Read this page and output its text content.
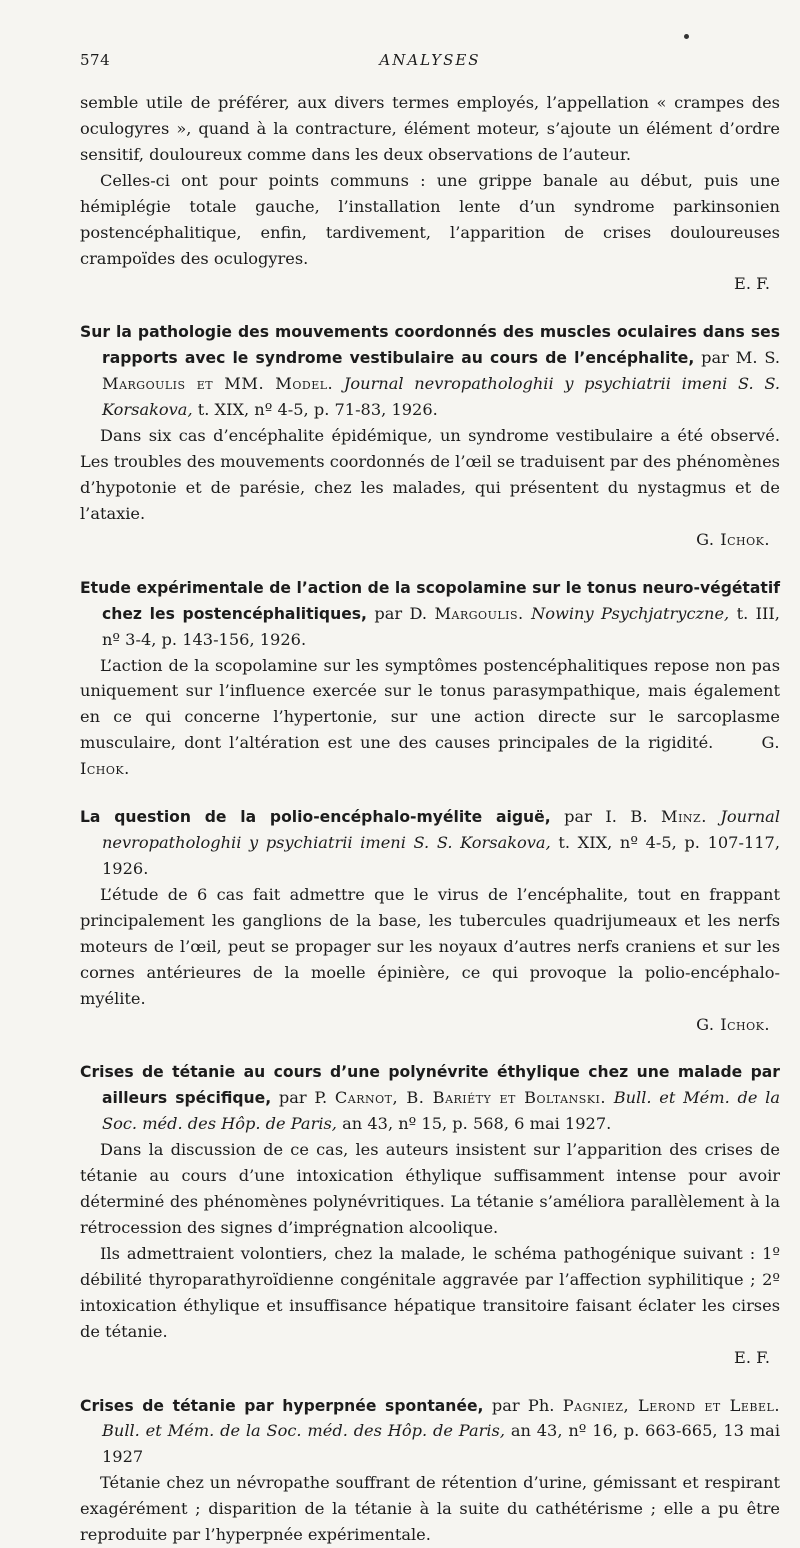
574	ANALYSES

semble utile de préférer, aux divers termes employés, l’appellation « crampes des oculogyres », quand à la contracture, élément moteur, s’ajoute un élément d’ordre sensitif, douloureux comme dans les deux observations de l’auteur.

Celles-ci ont pour points communs : une grippe banale au début, puis une hémiplégie totale gauche, l’installation lente d’un syndrome parkinsonien postencéphalitique, enfin, tardivement, l’apparition de crises douloureuses crampoïdes des oculogyres.

E. F.

Sur la pathologie des mouvements coordonnés des muscles oculaires dans ses rapports avec le syndrome vestibulaire au cours de l’encéphalite, par M. S. Margoulis et MM. Model. Journal nevropathologhii y psychiatrii imeni S. S. Korsakova, t. XIX, nº 4-5, p. 71-83, 1926.

Dans six cas d’encéphalite épidémique, un syndrome vestibulaire a été observé. Les troubles des mouvements coordonnés de l’œil se traduisent par des phénomènes d’hypotonie et de parésie, chez les malades, qui présentent du nystagmus et de l’ataxie.

G. Ichok.

Etude expérimentale de l’action de la scopolamine sur le tonus neuro-végétatif chez les postencéphalitiques, par D. Margoulis. Nowiny Psychjatryczne, t. III, nº 3-4, p. 143-156, 1926.

L’action de la scopolamine sur les symptômes postencéphalitiques repose non pas uniquement sur l’influence exercée sur le tonus parasympathique, mais également en ce qui concerne l’hypertonie, sur une action directe sur le sarcoplasme musculaire, dont l’altération est une des causes principales de la rigidité.	G. Ichok.

La question de la polio-encéphalo-myélite aiguë, par I. B. Minz. Journal nevropathologhii y psychiatrii imeni S. S. Korsakova, t. XIX, nº 4-5, p. 107-117, 1926.

L’étude de 6 cas fait admettre que le virus de l’encéphalite, tout en frappant principalement les ganglions de la base, les tubercules quadrijumeaux et les nerfs moteurs de l’œil, peut se propager sur les noyaux d’autres nerfs craniens et sur les cornes antérieures de la moelle épinière, ce qui provoque la polio-encéphalo-myélite.

G. Ichok.

Crises de tétanie au cours d’une polynévrite éthylique chez une malade par ailleurs spécifique, par P. Carnot, B. Bariéty et Boltanski. Bull. et Mém. de la Soc. méd. des Hôp. de Paris, an 43, nº 15, p. 568, 6 mai 1927.

Dans la discussion de ce cas, les auteurs insistent sur l’apparition des crises de tétanie au cours d’une intoxication éthylique suffisamment intense pour avoir déterminé des phénomènes polynévritiques. La tétanie s’améliora parallèlement à la rétrocession des signes d’imprégnation alcoolique.

Ils admettraient volontiers, chez la malade, le schéma pathogénique suivant : 1º débilité thyroparathyroïdienne congénitale aggravée par l’affection syphilitique ; 2º intoxication éthylique et insuffisance hépatique transitoire faisant éclater les cirses de tétanie.

E. F.

Crises de tétanie par hyperpnée spontanée, par Ph. Pagniez, Lerond et Lebel. Bull. et Mém. de la Soc. méd. des Hôp. de Paris, an 43, nº 16, p. 663-665, 13 mai 1927

Tétanie chez un névropathe souffrant de rétention d’urine, gémissant et respirant exagérément ; disparition de la tétanie à la suite du cathétérisme ; elle a pu être reproduite par l’hyperpnée expérimentale.
